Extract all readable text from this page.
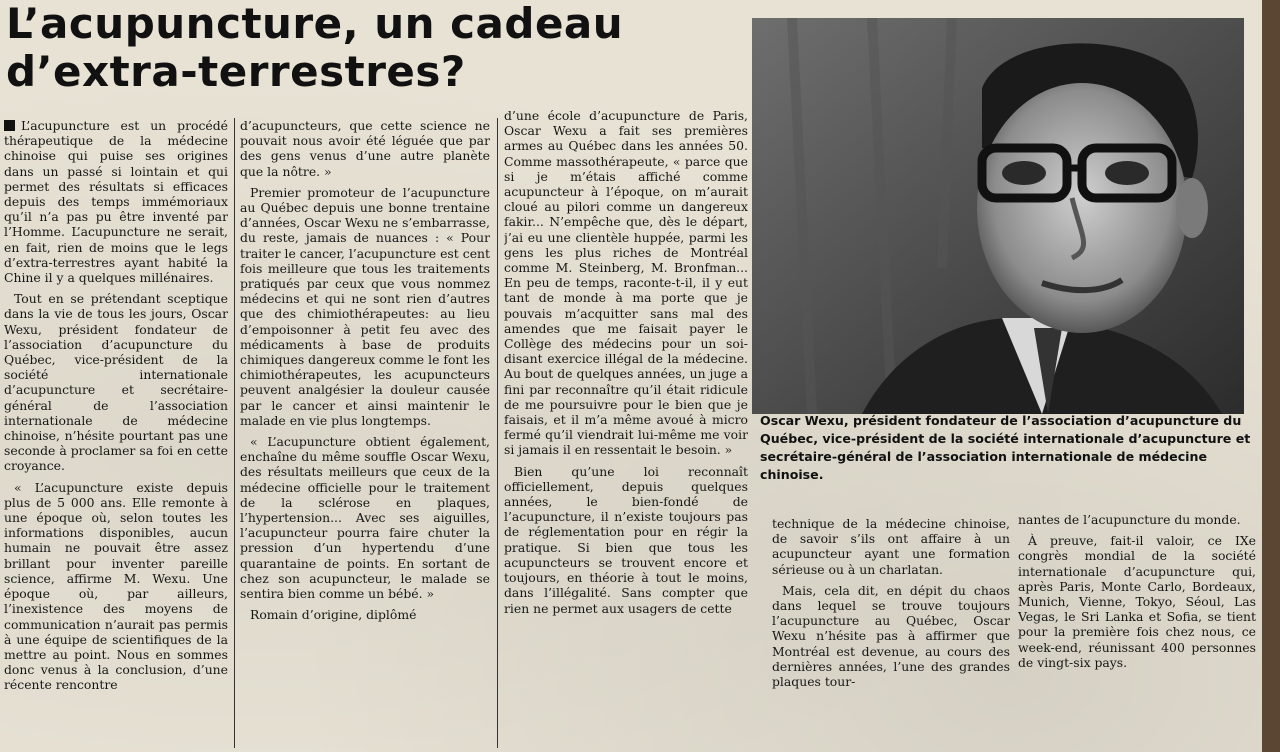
L’acupuncture, un cadeau d’extra-terrestres?

L’acupuncture est un procédé thérapeutique de la médecine chinoise qui puise ses origines dans un passé si lointain et qui permet des résultats si efficaces depuis des temps immémoriaux qu’il n’a pas pu être inventé par l’Homme. L’acupuncture ne serait, en fait, rien de moins que le legs d’extra-terrestres ayant habité la Chine il y a quelques millénaires.

Tout en se prétendant sceptique dans la vie de tous les jours, Oscar Wexu, président fondateur de l’association d’acupuncture du Québec, vice-président de la société internationale d’acupuncture et secrétaire-général de l’association internationale de médecine chinoise, n’hésite pourtant pas une seconde à proclamer sa foi en cette croyance.

« L’acupuncture existe depuis plus de 5 000 ans. Elle remonte à une époque où, selon toutes les informations disponibles, aucun humain ne pouvait être assez brillant pour inventer pareille science, affirme M. Wexu. Une époque où, par ailleurs, l’inexistence des moyens de communication n’aurait pas permis à une équipe de scientifiques de la mettre au point. Nous en sommes donc venus à la conclusion, d’une récente rencontre

d’acupuncteurs, que cette science ne pouvait nous avoir été léguée que par des gens venus d’une autre planète que la nôtre. »

Premier promoteur de l’acupuncture au Québec depuis une bonne trentaine d’années, Oscar Wexu ne s’embarrasse, du reste, jamais de nuances : « Pour traiter le cancer, l’acupuncture est cent fois meilleure que tous les traitements pratiqués par ceux que vous nommez médecins et qui ne sont rien d’autres que des chimiothérapeutes: au lieu d’empoisonner à petit feu avec des médicaments à base de produits chimiques dangereux comme le font les chimiothérapeutes, les acupuncteurs peuvent analgésier la douleur causée par le cancer et ainsi maintenir le malade en vie plus longtemps.

« L’acupuncture obtient également, enchaîne du même souffle Oscar Wexu, des résultats meilleurs que ceux de la médecine officielle pour le traitement de la sclérose en plaques, l’hypertension... Avec ses aiguilles, l’acupuncteur pourra faire chuter la pression d’un hypertendu d’une quarantaine de points. En sortant de chez son acupuncteur, le malade se sentira bien comme un bébé. »

Romain d’origine, diplômé

d’une école d’acupuncture de Paris, Oscar Wexu a fait ses premières armes au Québec dans les années 50. Comme massothérapeute, « parce que si je m’étais affiché comme acupuncteur à l’époque, on m’aurait cloué au pilori comme un dangereux fakir... N’empêche que, dès le départ, j’ai eu une clientèle huppée, parmi les gens les plus riches de Montréal comme M. Steinberg, M. Bronfman... En peu de temps, raconte-t-il, il y eut tant de monde à ma porte que je pouvais m’acquitter sans mal des amendes que me faisait payer le Collège des médecins pour un soi-disant exercice illégal de la médecine. Au bout de quelques années, un juge a fini par reconnaître qu’il était ridicule de me poursuivre pour le bien que je faisais, et il m’a même avoué à micro fermé qu’il viendrait lui-même me voir si jamais il en ressentait le besoin. »

Bien qu’une loi reconnaît officiellement, depuis quelques années, le bien-fondé de l’acupuncture, il n’existe toujours pas de réglementation pour en régir la pratique. Si bien que tous les acupuncteurs se trouvent encore et toujours, en théorie à tout le moins, dans l’illégalité. Sans compter que rien ne permet aux usagers de cette

Oscar Wexu, président fondateur de l’association d’acupuncture du Québec, vice-président de la société internationale d’acupuncture et secrétaire-général de l’association internationale de médecine chinoise.

technique de la médecine chinoise, de savoir s’ils ont affaire à un acupuncteur ayant une formation sérieuse ou à un charlatan.

Mais, cela dit, en dépit du chaos dans lequel se trouve toujours l’acupuncture au Québec, Oscar Wexu n’hésite pas à affirmer que Montréal est devenue, au cours des dernières années, l’une des grandes plaques tour-

nantes de l’acupuncture du monde.

À preuve, fait-il valoir, ce IXe congrès mondial de la société internationale d’acupuncture qui, après Paris, Monte Carlo, Bordeaux, Munich, Vienne, Tokyo, Séoul, Las Vegas, le Sri Lanka et Sofia, se tient pour la première fois chez nous, ce week-end, réunissant 400 personnes de vingt-six pays.
